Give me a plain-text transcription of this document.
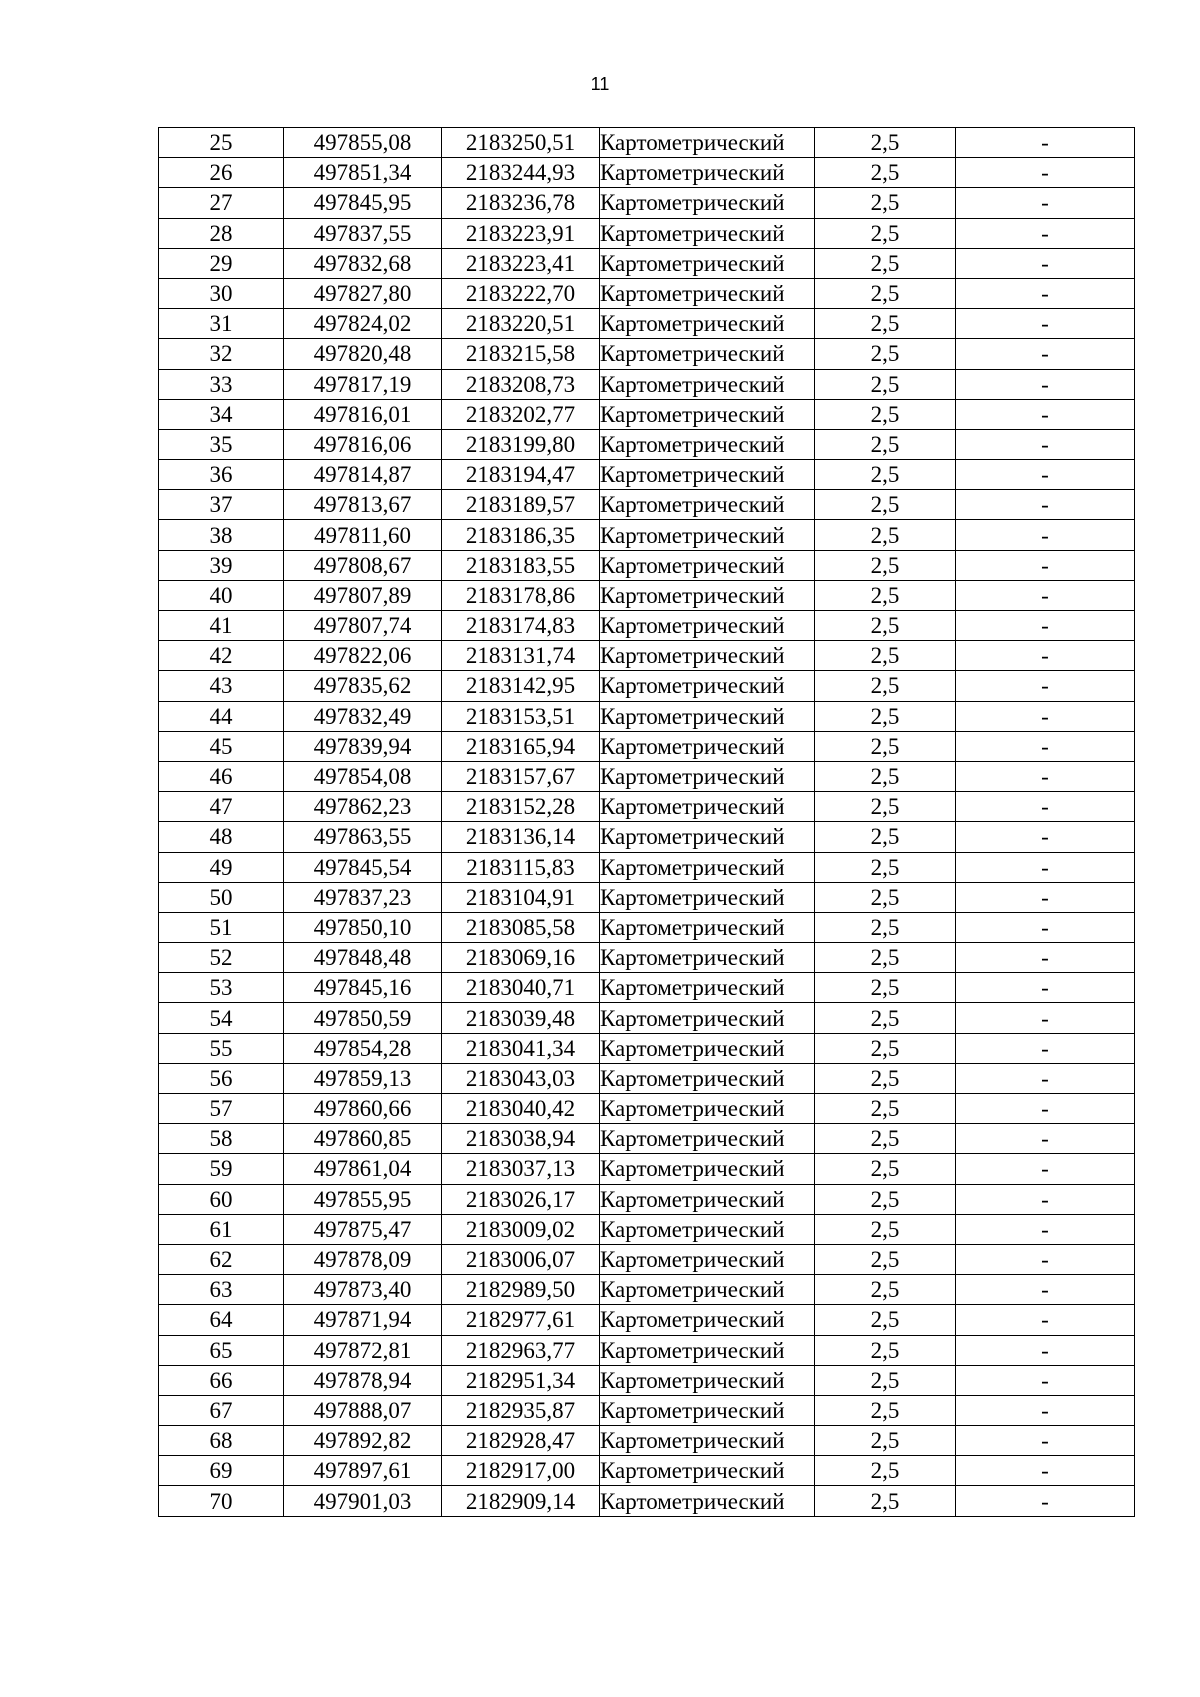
11
25	497855,08	2183250,51	Картометрический	2,5	-
26	497851,34	2183244,93	Картометрический	2,5	-
27	497845,95	2183236,78	Картометрический	2,5	-
28	497837,55	2183223,91	Картометрический	2,5	-
29	497832,68	2183223,41	Картометрический	2,5	-
30	497827,80	2183222,70	Картометрический	2,5	-
31	497824,02	2183220,51	Картометрический	2,5	-
32	497820,48	2183215,58	Картометрический	2,5	-
33	497817,19	2183208,73	Картометрический	2,5	-
34	497816,01	2183202,77	Картометрический	2,5	-
35	497816,06	2183199,80	Картометрический	2,5	-
36	497814,87	2183194,47	Картометрический	2,5	-
37	497813,67	2183189,57	Картометрический	2,5	-
38	497811,60	2183186,35	Картометрический	2,5	-
39	497808,67	2183183,55	Картометрический	2,5	-
40	497807,89	2183178,86	Картометрический	2,5	-
41	497807,74	2183174,83	Картометрический	2,5	-
42	497822,06	2183131,74	Картометрический	2,5	-
43	497835,62	2183142,95	Картометрический	2,5	-
44	497832,49	2183153,51	Картометрический	2,5	-
45	497839,94	2183165,94	Картометрический	2,5	-
46	497854,08	2183157,67	Картометрический	2,5	-
47	497862,23	2183152,28	Картометрический	2,5	-
48	497863,55	2183136,14	Картометрический	2,5	-
49	497845,54	2183115,83	Картометрический	2,5	-
50	497837,23	2183104,91	Картометрический	2,5	-
51	497850,10	2183085,58	Картометрический	2,5	-
52	497848,48	2183069,16	Картометрический	2,5	-
53	497845,16	2183040,71	Картометрический	2,5	-
54	497850,59	2183039,48	Картометрический	2,5	-
55	497854,28	2183041,34	Картометрический	2,5	-
56	497859,13	2183043,03	Картометрический	2,5	-
57	497860,66	2183040,42	Картометрический	2,5	-
58	497860,85	2183038,94	Картометрический	2,5	-
59	497861,04	2183037,13	Картометрический	2,5	-
60	497855,95	2183026,17	Картометрический	2,5	-
61	497875,47	2183009,02	Картометрический	2,5	-
62	497878,09	2183006,07	Картометрический	2,5	-
63	497873,40	2182989,50	Картометрический	2,5	-
64	497871,94	2182977,61	Картометрический	2,5	-
65	497872,81	2182963,77	Картометрический	2,5	-
66	497878,94	2182951,34	Картометрический	2,5	-
67	497888,07	2182935,87	Картометрический	2,5	-
68	497892,82	2182928,47	Картометрический	2,5	-
69	497897,61	2182917,00	Картометрический	2,5	-
70	497901,03	2182909,14	Картометрический	2,5	-
